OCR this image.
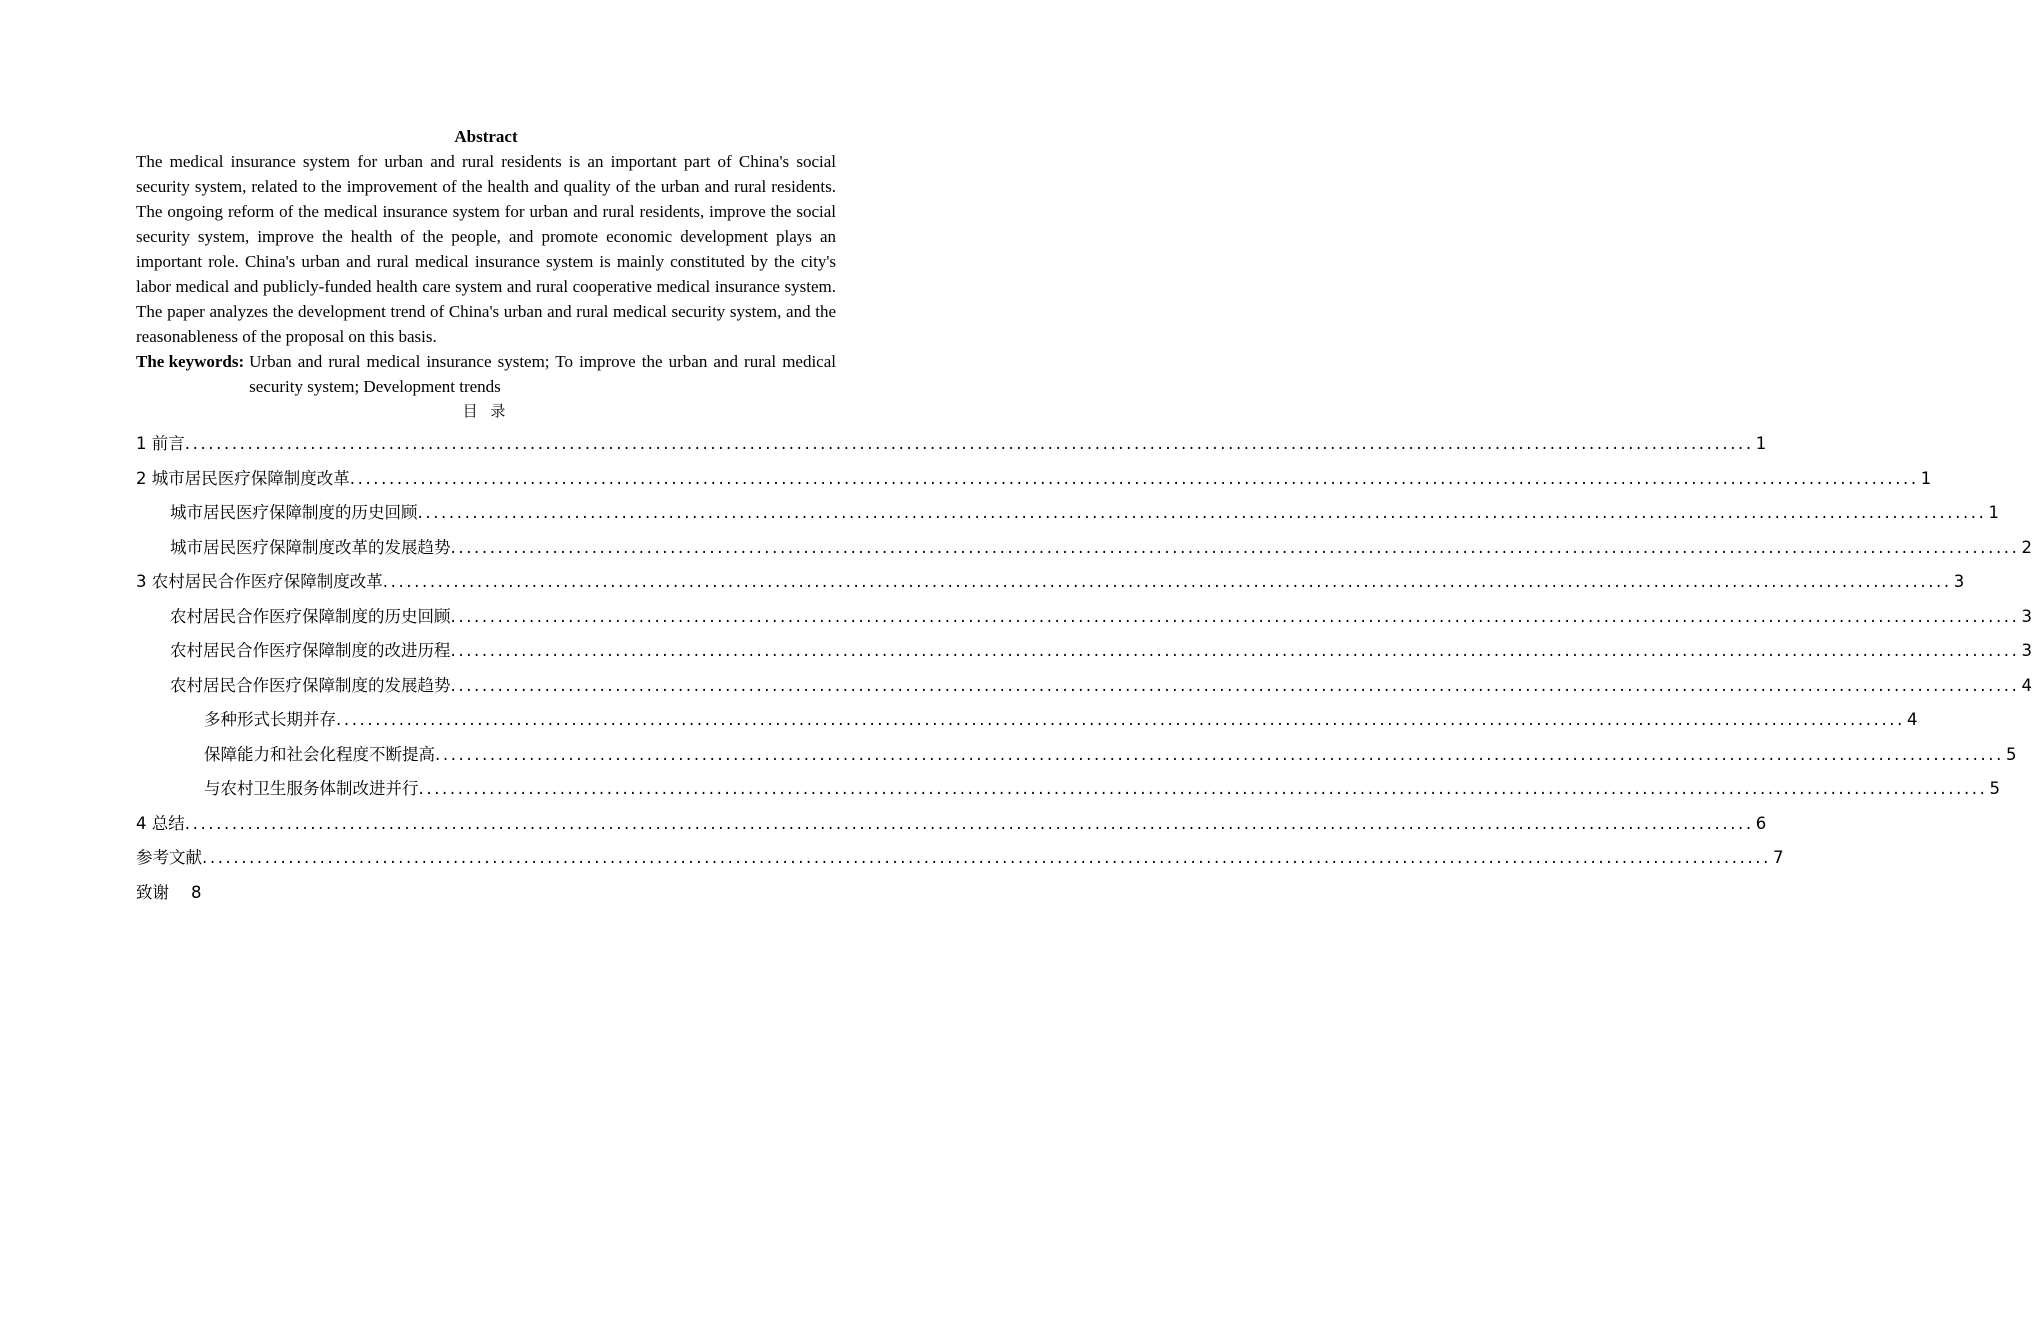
Abstract

The medical insurance system for urban and rural residents is an important part of China's social security system, related to the improvement of the health and quality of the urban and rural residents. The ongoing reform of the medical insurance system for urban and rural residents, improve the social security system, improve the health of the people, and promote economic development plays an important role. China's urban and rural medical insurance system is mainly constituted by the city's labor medical and publicly-funded health care system and rural cooperative medical insurance system. The paper analyzes the development trend of China's urban and rural medical security system, and the reasonableness of the proposal on this basis.

The keywords: Urban and rural medical insurance system; To improve the urban and rural medical security system; Development trends
目 录
1 前言 ........................................................................................................................................................................................................ 1
2 城市居民医疗保障制度改革 ........................................................................................................................................................................................................ 1
城市居民医疗保障制度的历史回顾 ........................................................................................................................................................................................................ 1
城市居民医疗保障制度改革的发展趋势 ........................................................................................................................................................................................................ 2
3 农村居民合作医疗保障制度改革 ........................................................................................................................................................................................................ 3
农村居民合作医疗保障制度的历史回顾 ........................................................................................................................................................................................................ 3
农村居民合作医疗保障制度的改进历程 ........................................................................................................................................................................................................ 3
农村居民合作医疗保障制度的发展趋势 ........................................................................................................................................................................................................ 4
多种形式长期并存 ........................................................................................................................................................................................................ 4
保障能力和社会化程度不断提高 ........................................................................................................................................................................................................ 5
与农村卫生服务体制改进并行 ........................................................................................................................................................................................................ 5
4 总结 ........................................................................................................................................................................................................ 6
参考文献 ........................................................................................................................................................................................................ 7
致谢	8
